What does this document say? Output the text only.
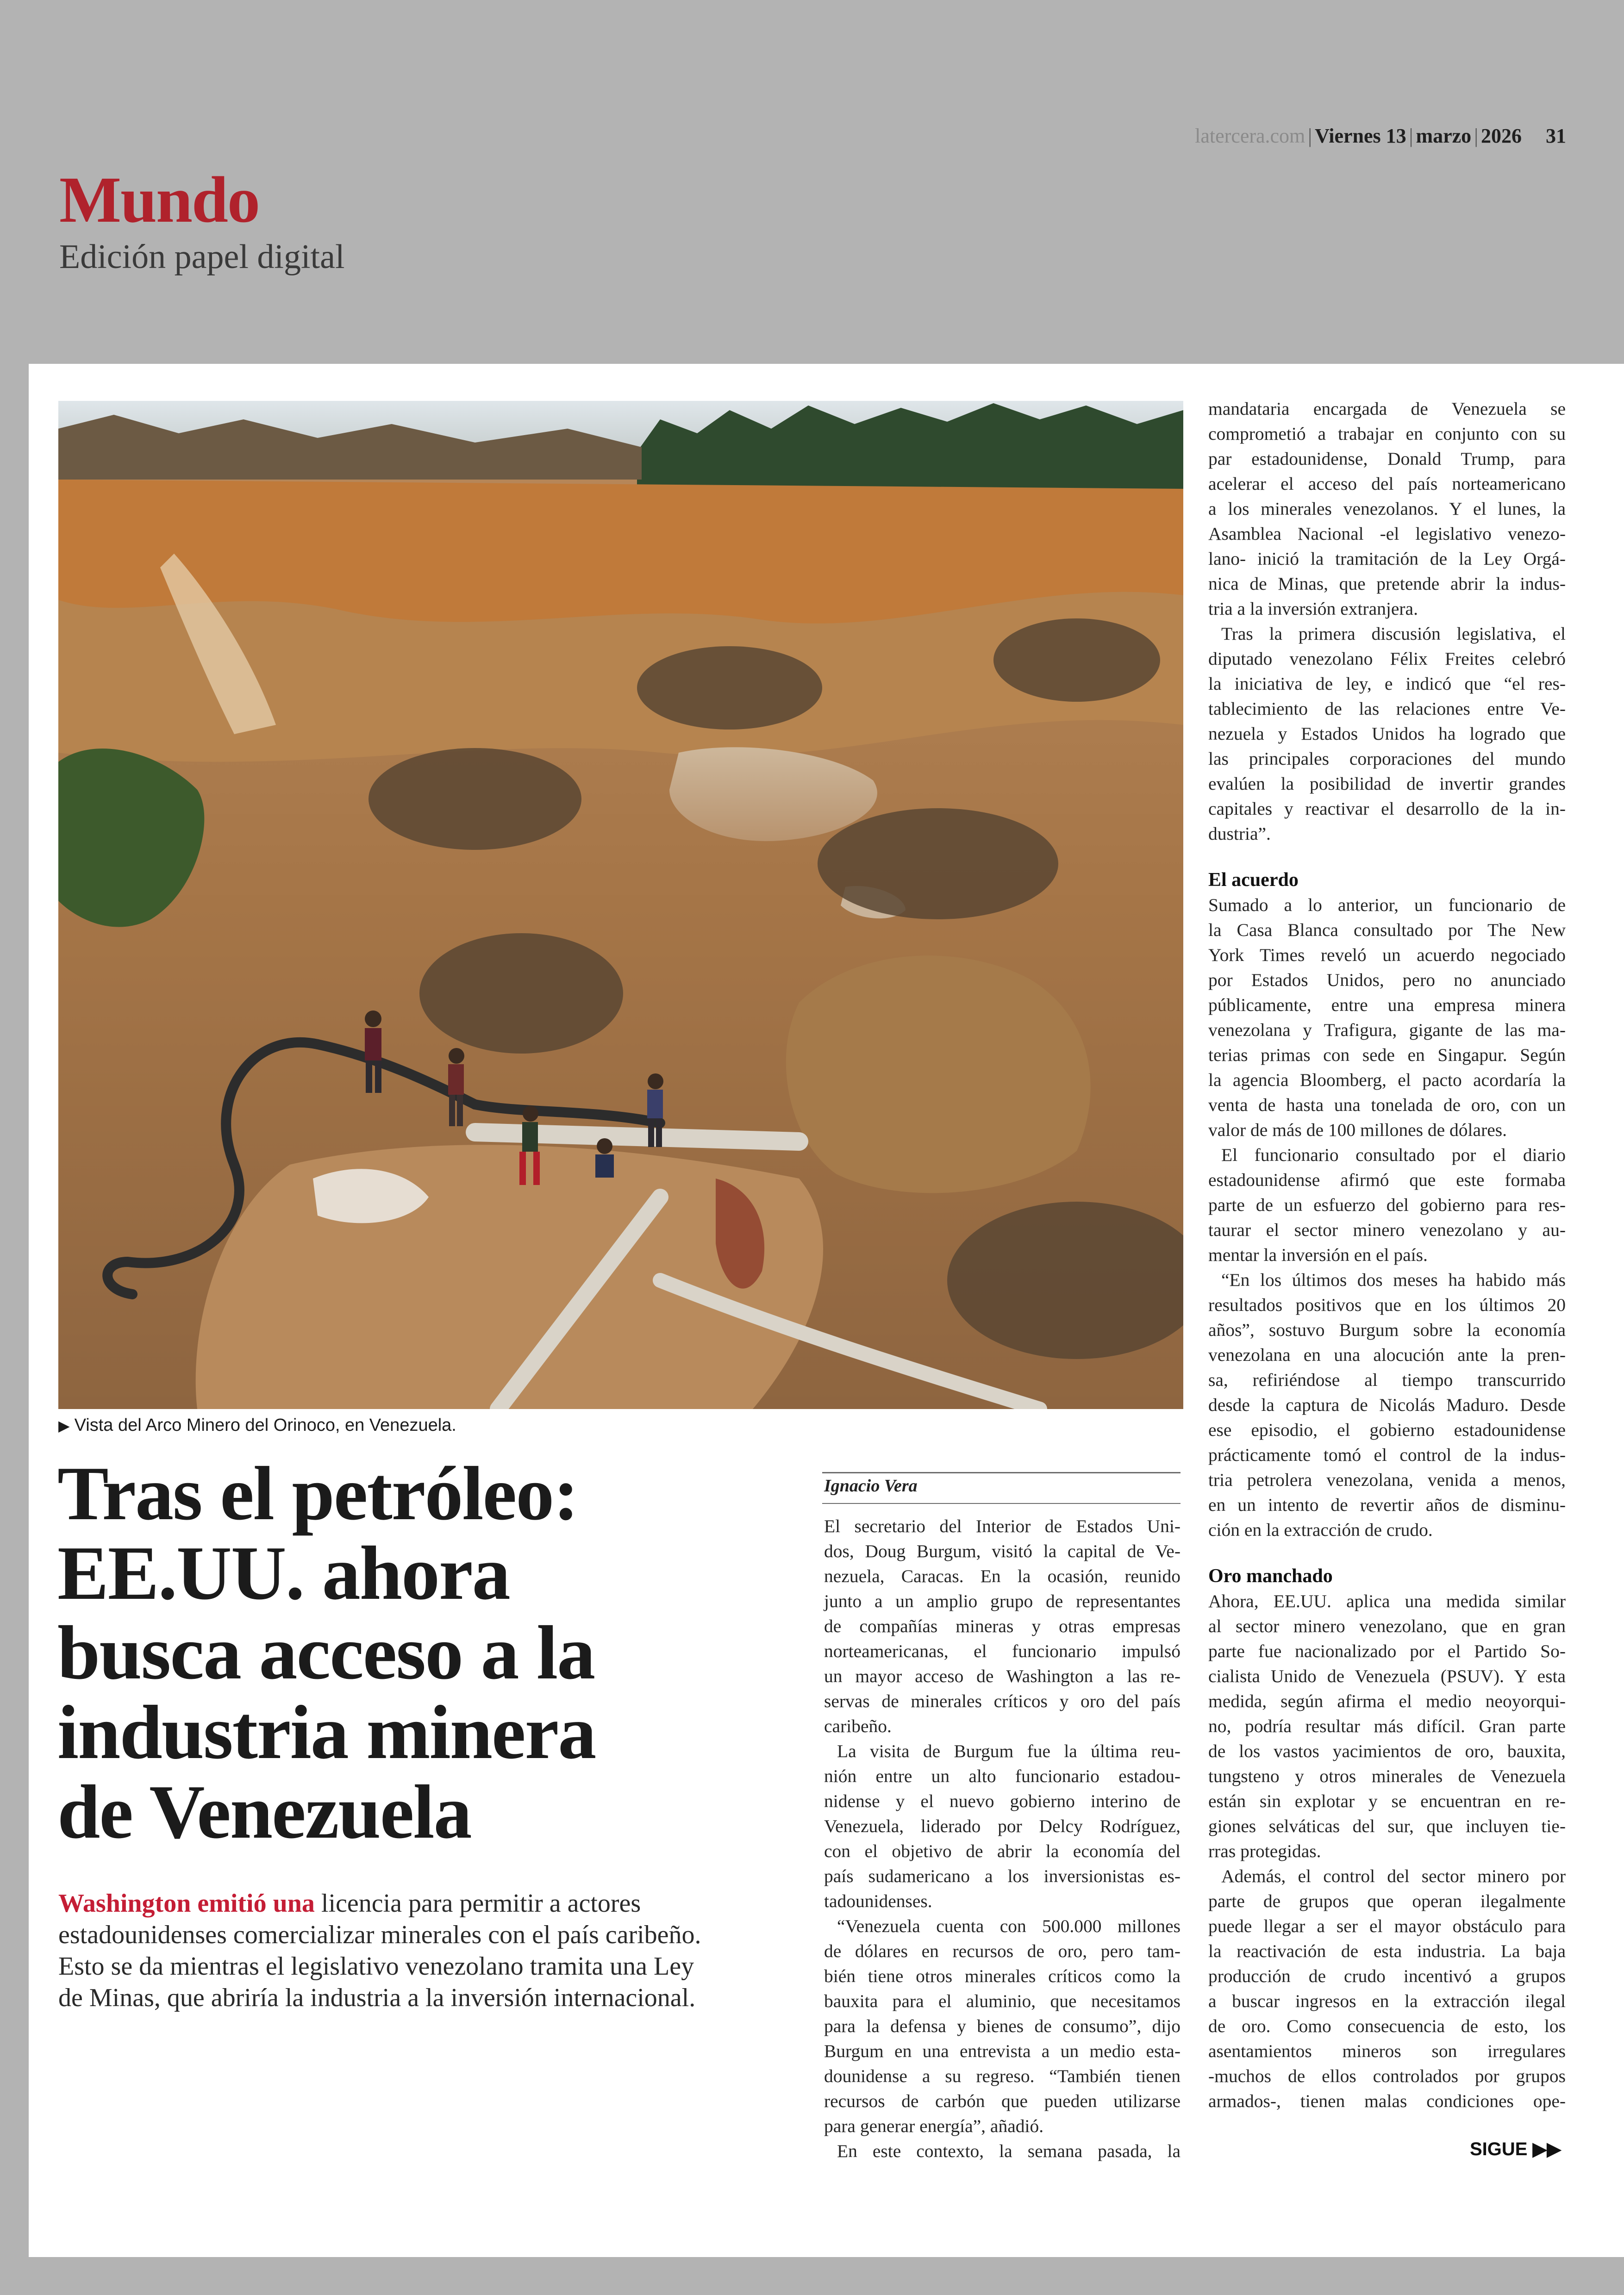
latercera.com | Viernes 13 | marzo | 2026 31
Mundo
Edición papel digital
▶ Vista del Arco Minero del Orinoco, en Venezuela.
Tras el petróleo:
EE.UU. ahora
busca acceso a la
industria minera
de Venezuela
Washington emitió una licencia para permitir a actores
estadounidenses comercializar minerales con el país caribeño.
Esto se da mientras el legislativo venezolano tramita una Ley
de Minas, que abriría la industria a la inversión internacional.
Ignacio Vera
El secretario del Interior de Estados Uni-
dos, Doug Burgum, visitó la capital de Ve-
nezuela, Caracas. En la ocasión, reunido
junto a un amplio grupo de representantes
de compañías mineras y otras empresas
norteamericanas, el funcionario impulsó
un mayor acceso de Washington a las re-
servas de minerales críticos y oro del país
caribeño.
La visita de Burgum fue la última reu-
nión entre un alto funcionario estadou-
nidense y el nuevo gobierno interino de
Venezuela, liderado por Delcy Rodríguez,
con el objetivo de abrir la economía del
país sudamericano a los inversionistas es-
tadounidenses.
“Venezuela cuenta con 500.000 millones
de dólares en recursos de oro, pero tam-
bién tiene otros minerales críticos como la
bauxita para el aluminio, que necesitamos
para la defensa y bienes de consumo”, dijo
Burgum en una entrevista a un medio esta-
dounidense a su regreso. “También tienen
recursos de carbón que pueden utilizarse
para generar energía”, añadió.
En este contexto, la semana pasada, la
mandataria encargada de Venezuela se
comprometió a trabajar en conjunto con su
par estadounidense, Donald Trump, para
acelerar el acceso del país norteamericano
a los minerales venezolanos. Y el lunes, la
Asamblea Nacional -el legislativo venezo-
lano- inició la tramitación de la Ley Orgá-
nica de Minas, que pretende abrir la indus-
tria a la inversión extranjera.
Tras la primera discusión legislativa, el
diputado venezolano Félix Freites celebró
la iniciativa de ley, e indicó que “el res-
tablecimiento de las relaciones entre Ve-
nezuela y Estados Unidos ha logrado que
las principales corporaciones del mundo
evalúen la posibilidad de invertir grandes
capitales y reactivar el desarrollo de la in-
dustria”.
El acuerdo
Sumado a lo anterior, un funcionario de
la Casa Blanca consultado por The New
York Times reveló un acuerdo negociado
por Estados Unidos, pero no anunciado
públicamente, entre una empresa minera
venezolana y Trafigura, gigante de las ma-
terias primas con sede en Singapur. Según
la agencia Bloomberg, el pacto acordaría la
venta de hasta una tonelada de oro, con un
valor de más de 100 millones de dólares.
El funcionario consultado por el diario
estadounidense afirmó que este formaba
parte de un esfuerzo del gobierno para res-
taurar el sector minero venezolano y au-
mentar la inversión en el país.
“En los últimos dos meses ha habido más
resultados positivos que en los últimos 20
años”, sostuvo Burgum sobre la economía
venezolana en una alocución ante la pren-
sa, refiriéndose al tiempo transcurrido
desde la captura de Nicolás Maduro. Desde
ese episodio, el gobierno estadounidense
prácticamente tomó el control de la indus-
tria petrolera venezolana, venida a menos,
en un intento de revertir años de disminu-
ción en la extracción de crudo.
Oro manchado
Ahora, EE.UU. aplica una medida similar
al sector minero venezolano, que en gran
parte fue nacionalizado por el Partido So-
cialista Unido de Venezuela (PSUV). Y esta
medida, según afirma el medio neoyorqui-
no, podría resultar más difícil. Gran parte
de los vastos yacimientos de oro, bauxita,
tungsteno y otros minerales de Venezuela
están sin explotar y se encuentran en re-
giones selváticas del sur, que incluyen tie-
rras protegidas.
Además, el control del sector minero por
parte de grupos que operan ilegalmente
puede llegar a ser el mayor obstáculo para
la reactivación de esta industria. La baja
producción de crudo incentivó a grupos
a buscar ingresos en la extracción ilegal
de oro. Como consecuencia de esto, los
asentamientos mineros son irregulares
-muchos de ellos controlados por grupos
armados-, tienen malas condiciones ope-
SIGUE ▶▶
